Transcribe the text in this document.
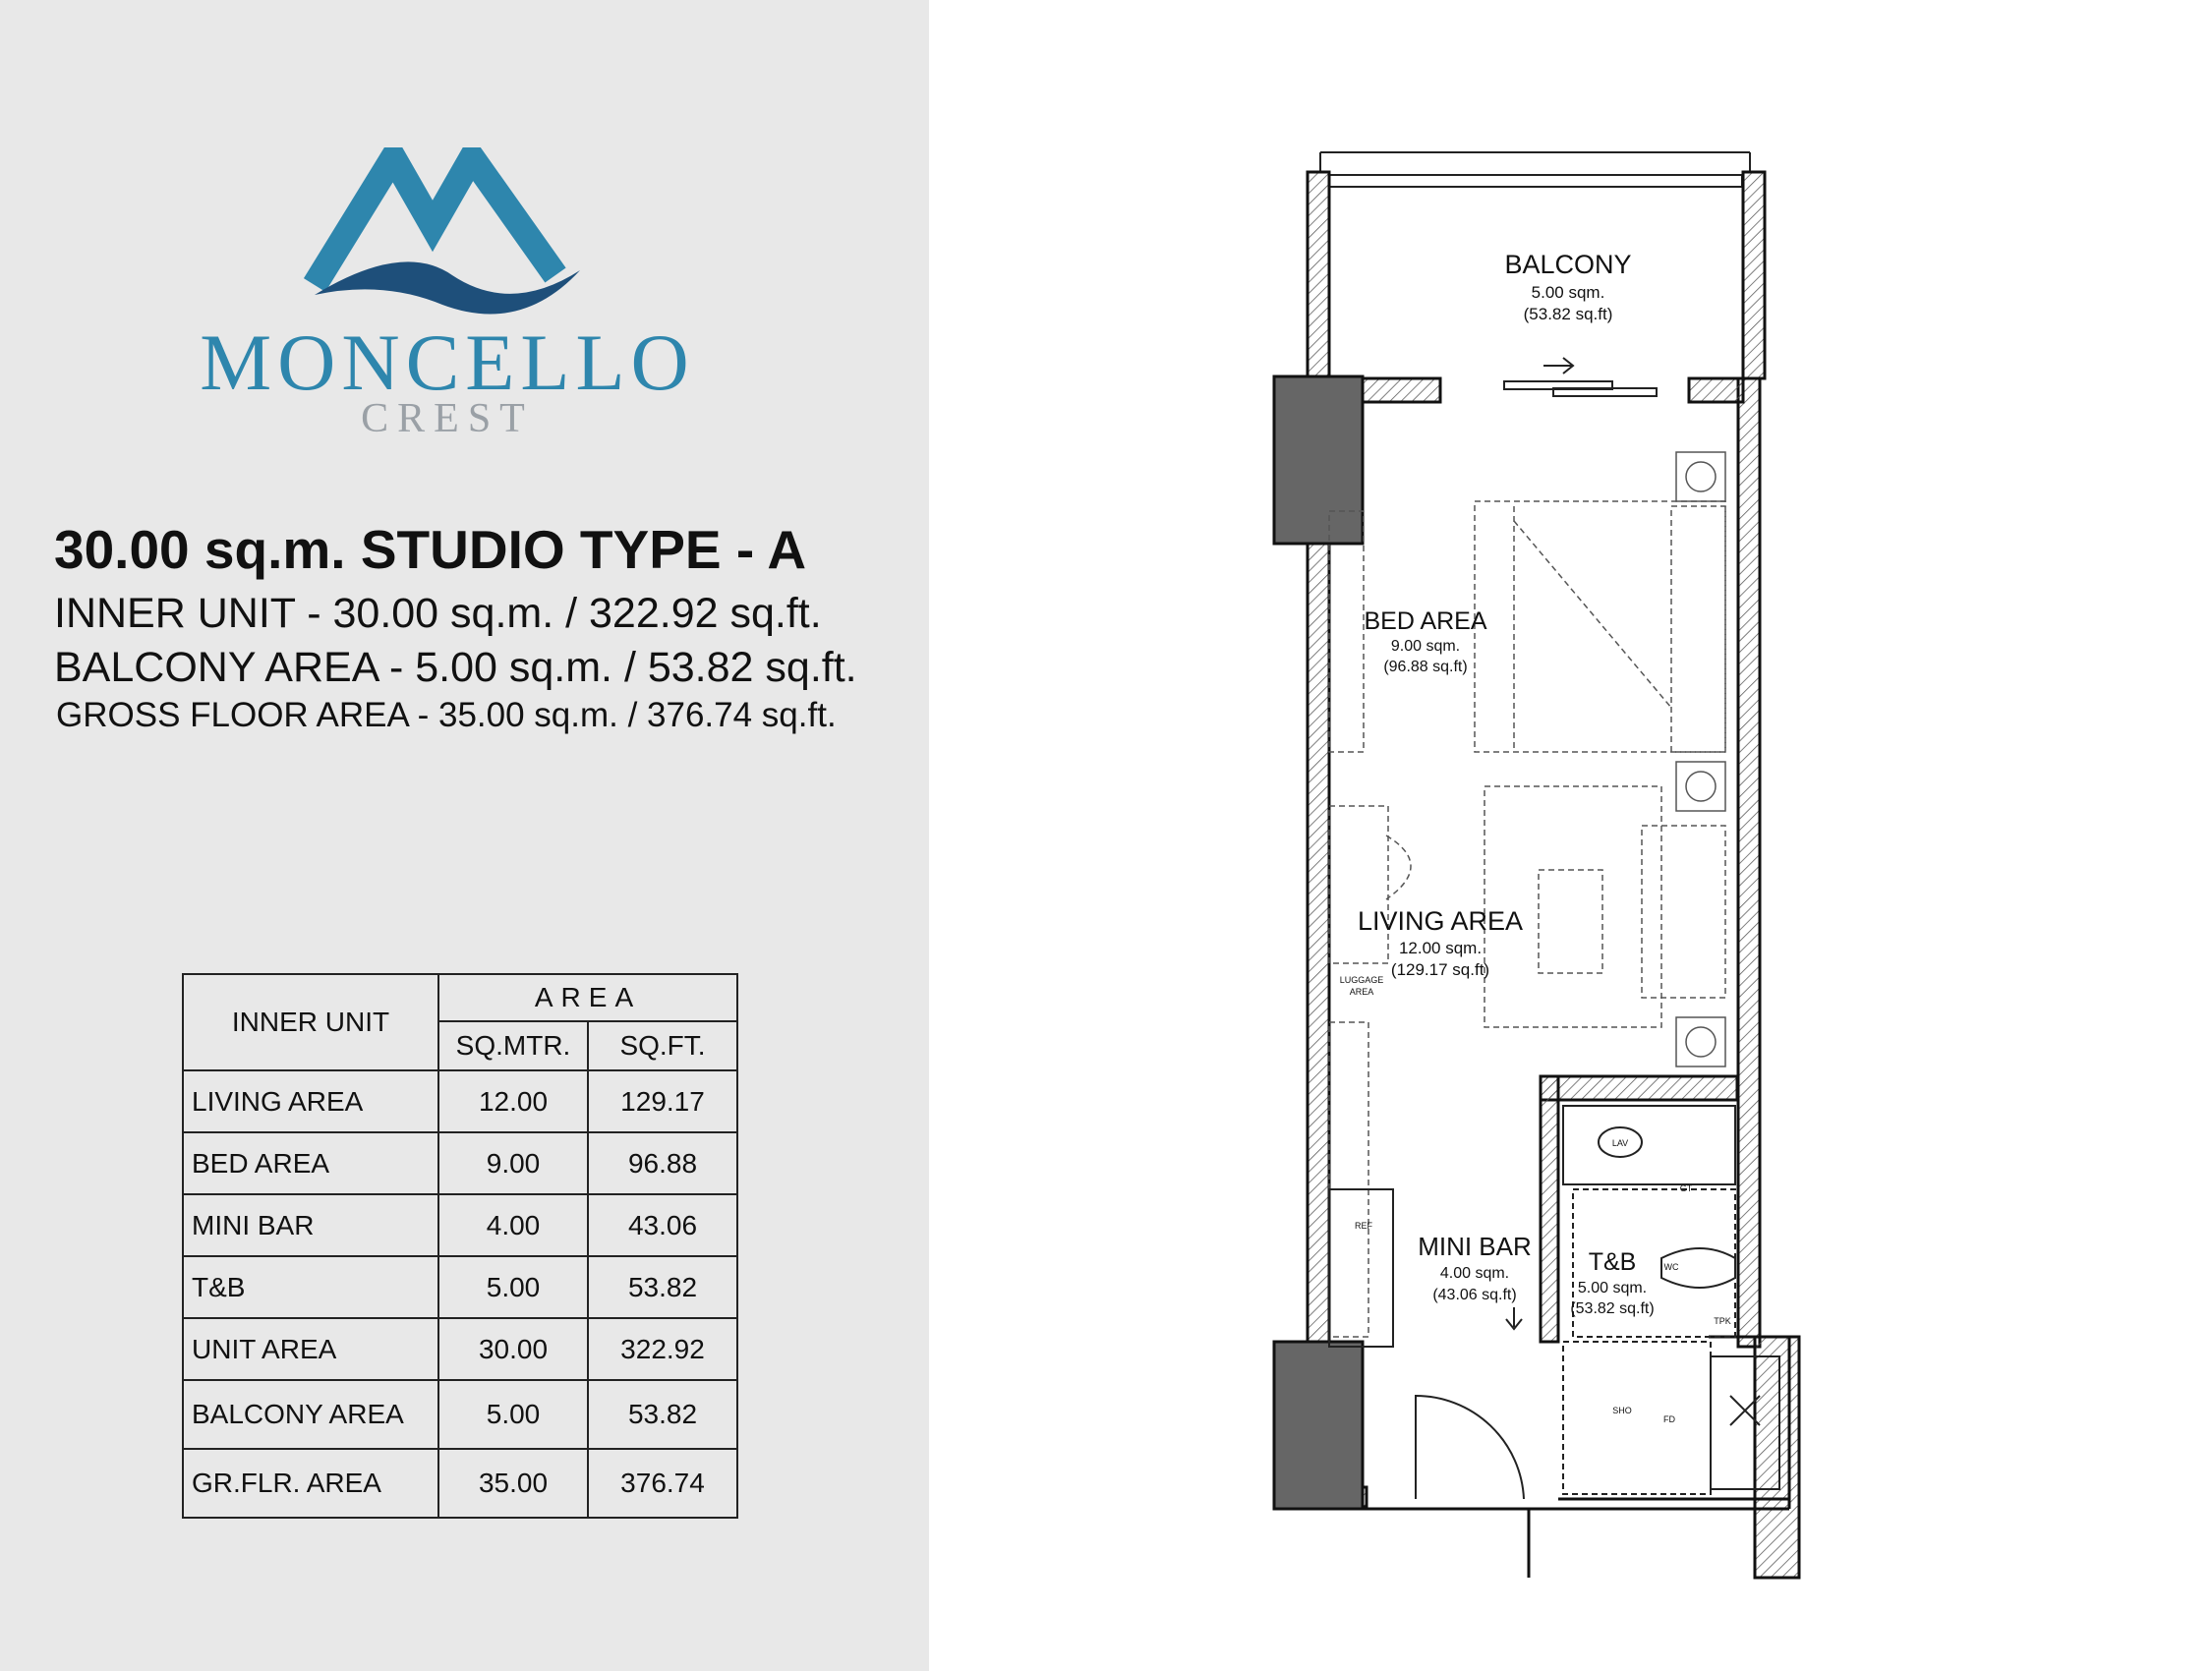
MONCELLO
CREST
30.00 sq.m. STUDIO TYPE - A
INNER UNIT - 30.00 sq.m. / 322.92 sq.ft.
BALCONY AREA - 5.00 sq.m. / 53.82 sq.ft.
GROSS FLOOR AREA - 35.00 sq.m. / 376.74 sq.ft.
INNER UNIT	AREA	
	SQ.MTR.	SQ.FT.
LIVING AREA	12.00	129.17
BED AREA	9.00	96.88
MINI BAR	4.00	43.06
T&B	5.00	53.82
UNIT AREA	30.00	322.92
BALCONY AREA	5.00	53.82
GR.FLR. AREA	35.00	376.74
BALCONY
5.00 sqm.
(53.82 sq.ft)
BED AREA
9.00 sqm.
(96.88 sq.ft)
LIVING AREA
12.00 sqm.
(129.17 sq.ft)
MINI BAR
4.00 sqm.
(43.06 sq.ft)
T&B
5.00 sqm.
(53.82 sq.ft)
LUGGAGE
AREA
REF
LAV
WC
SHO
FD
TPK
GT
